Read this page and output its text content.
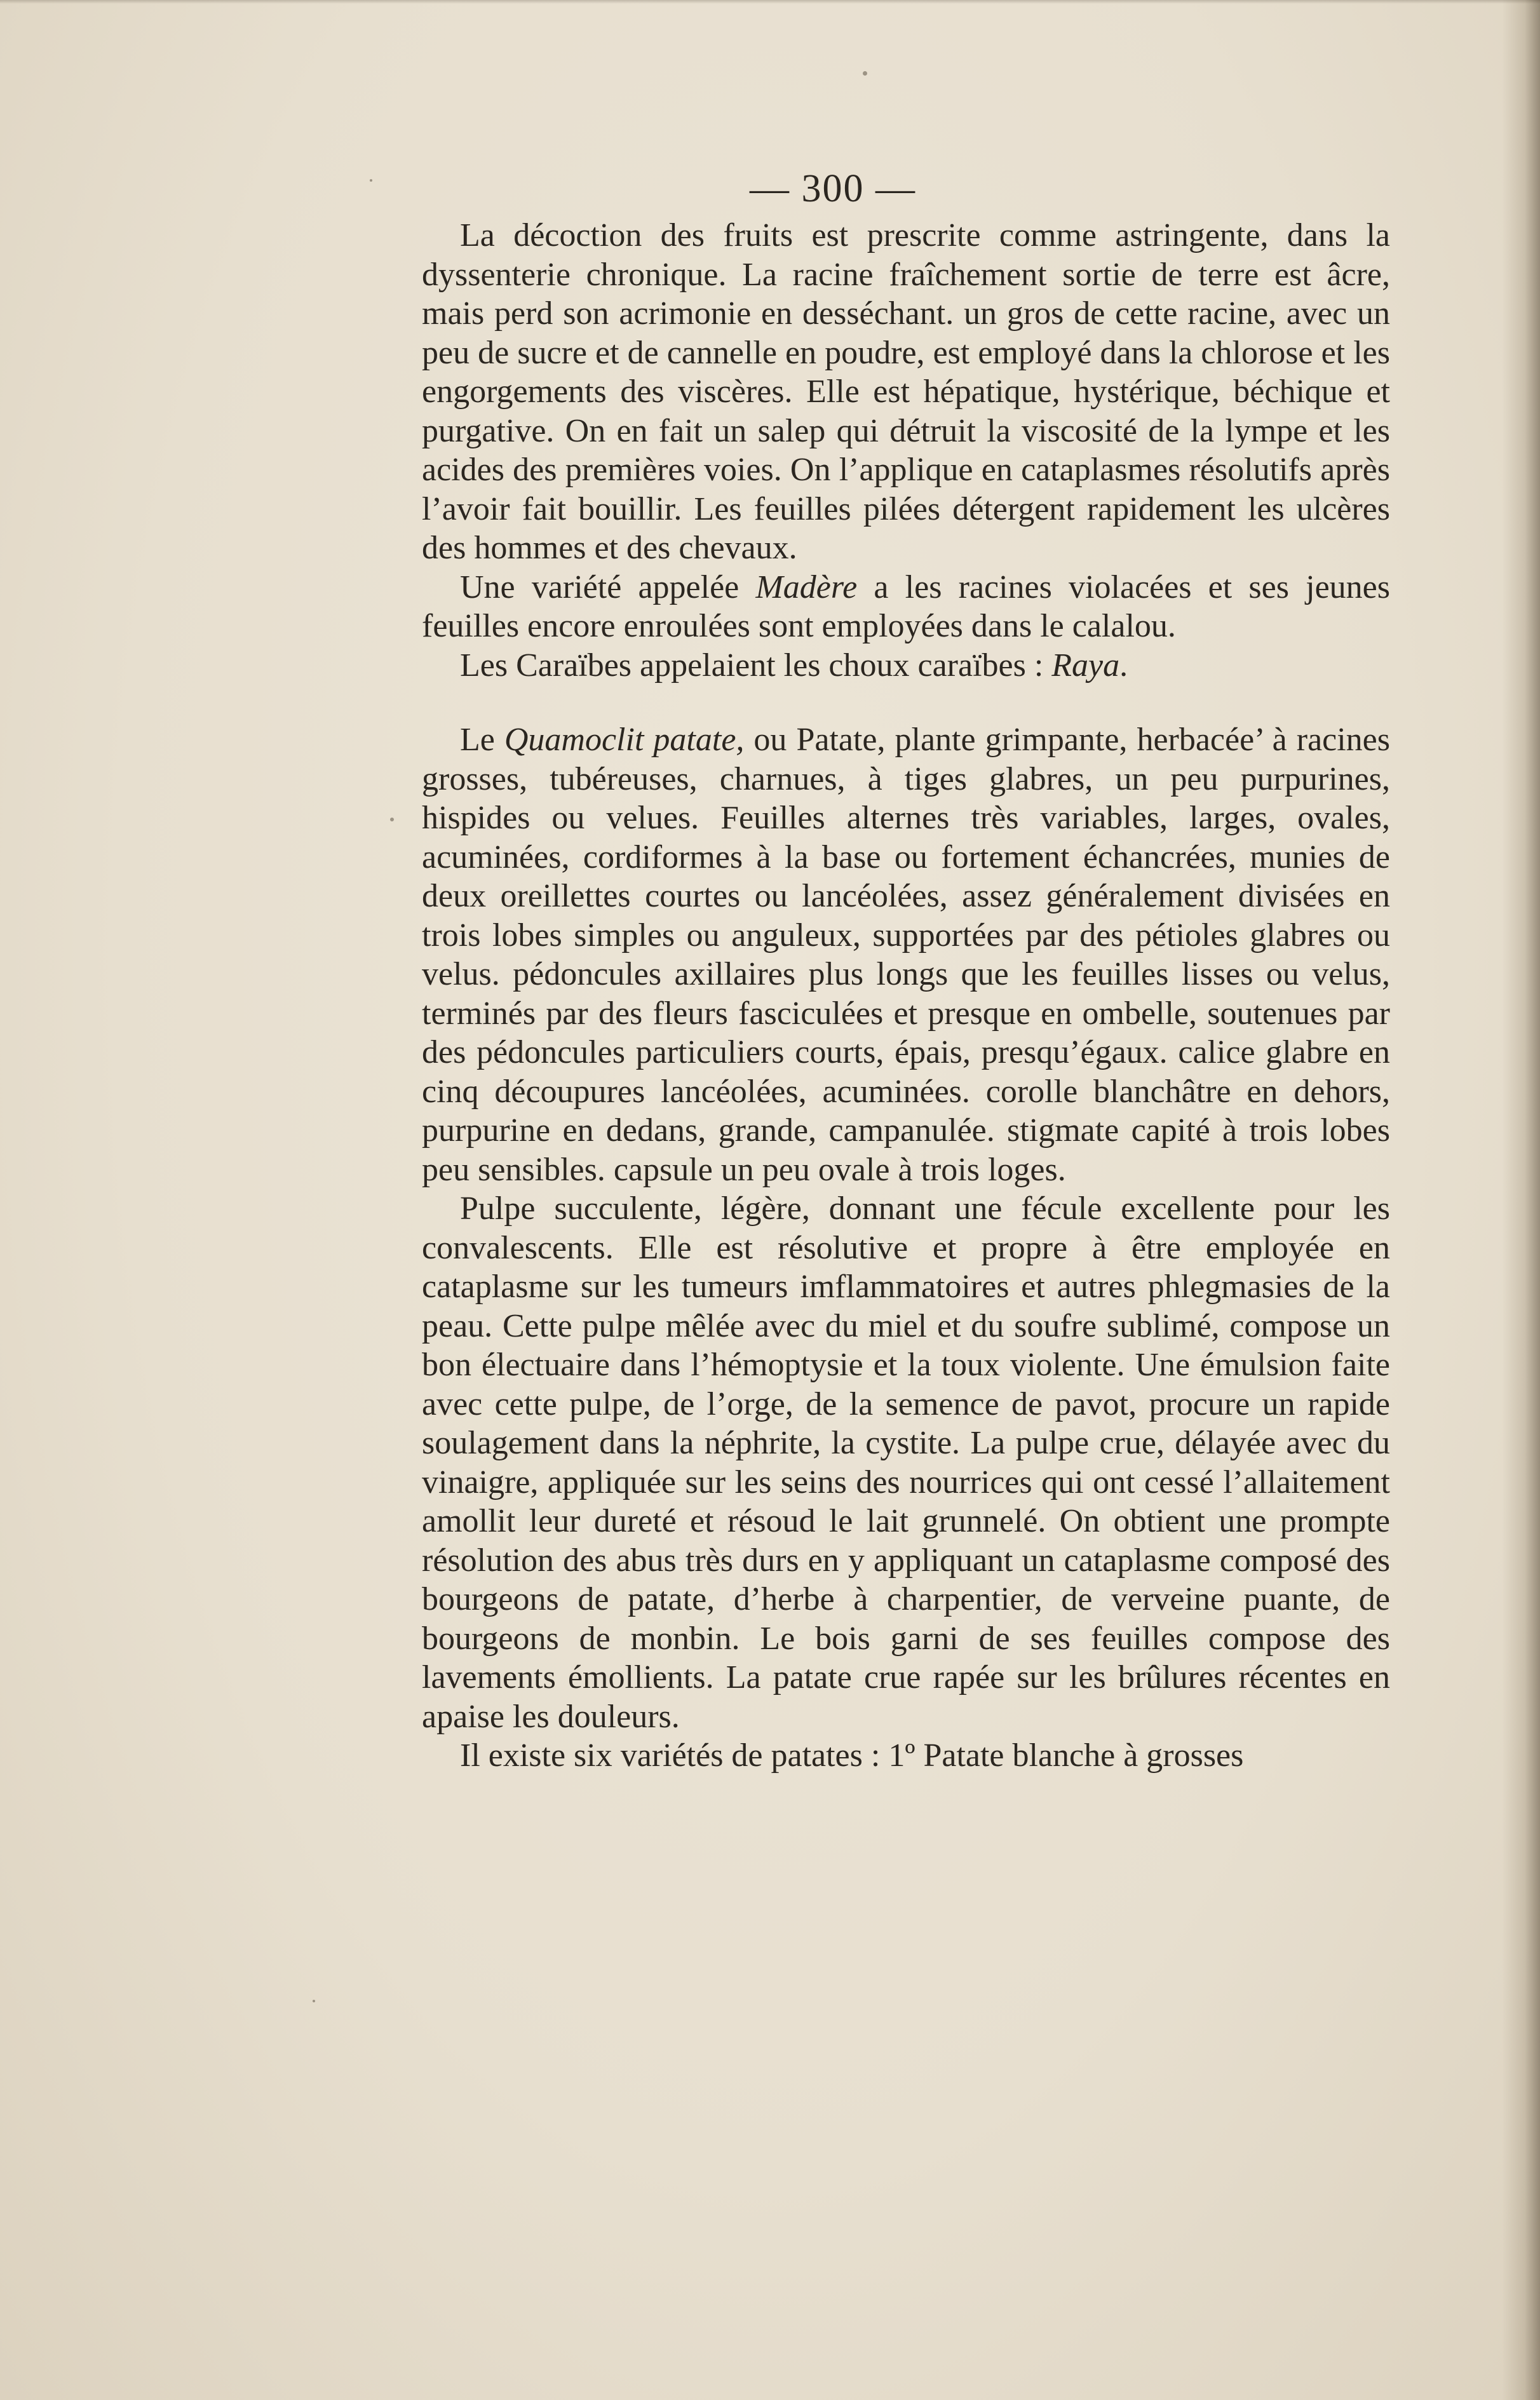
— 300 —

La décoction des fruits est prescrite comme astringente, dans la dyssenterie chronique. La racine fraîchement sortie de terre est âcre, mais perd son acrimonie en desséchant. un gros de cette racine, avec un peu de sucre et de cannelle en poudre, est employé dans la chlorose et les engorgements des viscères. Elle est hépatique, hystérique, béchique et purgative. On en fait un salep qui détruit la viscosité de la lympe et les acides des premières voies. On l’applique en cataplasmes résolutifs après l’avoir fait bouillir. Les feuilles pilées détergent rapidement les ulcères des hommes et des chevaux.

Une variété appelée Madère a les racines violacées et ses jeunes feuilles encore enroulées sont employées dans le calalou.

Les Caraïbes appelaient les choux caraïbes : Raya.

Le Quamoclit patate, ou Patate, plante grimpante, herbacée’ à racines grosses, tubéreuses, charnues, à tiges glabres, un peu purpurines, hispides ou velues. Feuilles alternes très variables, larges, ovales, acuminées, cordiformes à la base ou fortement échancrées, munies de deux oreillettes courtes ou lancéolées, assez généralement divisées en trois lobes simples ou anguleux, supportées par des pétioles glabres ou velus. pédoncules axillaires plus longs que les feuilles lisses ou velus, terminés par des fleurs fasciculées et presque en ombelle, soutenues par des pédoncules particuliers courts, épais, presqu’égaux. calice glabre en cinq découpures lancéolées, acuminées. corolle blanchâtre en dehors, purpurine en dedans, grande, campanulée. stigmate capité à trois lobes peu sensibles. capsule un peu ovale à trois loges.

Pulpe succulente, légère, donnant une fécule excellente pour les convalescents. Elle est résolutive et propre à être employée en cataplasme sur les tumeurs imflammatoires et autres phlegmasies de la peau. Cette pulpe mêlée avec du miel et du soufre sublimé, compose un bon électuaire dans l’hémoptysie et la toux violente. Une émulsion faite avec cette pulpe, de l’orge, de la semence de pavot, procure un rapide soulagement dans la néphrite, la cystite. La pulpe crue, délayée avec du vinaigre, appliquée sur les seins des nourrices qui ont cessé l’allaitement amollit leur dureté et résoud le lait grunnelé. On obtient une prompte résolution des abus très durs en y appliquant un cataplasme composé des bourgeons de patate, d’herbe à charpentier, de verveine puante, de bourgeons de monbin. Le bois garni de ses feuilles compose des lavements émollients. La patate crue rapée sur les brûlures récentes en apaise les douleurs.

Il existe six variétés de patates : 1º Patate blanche à grosses
